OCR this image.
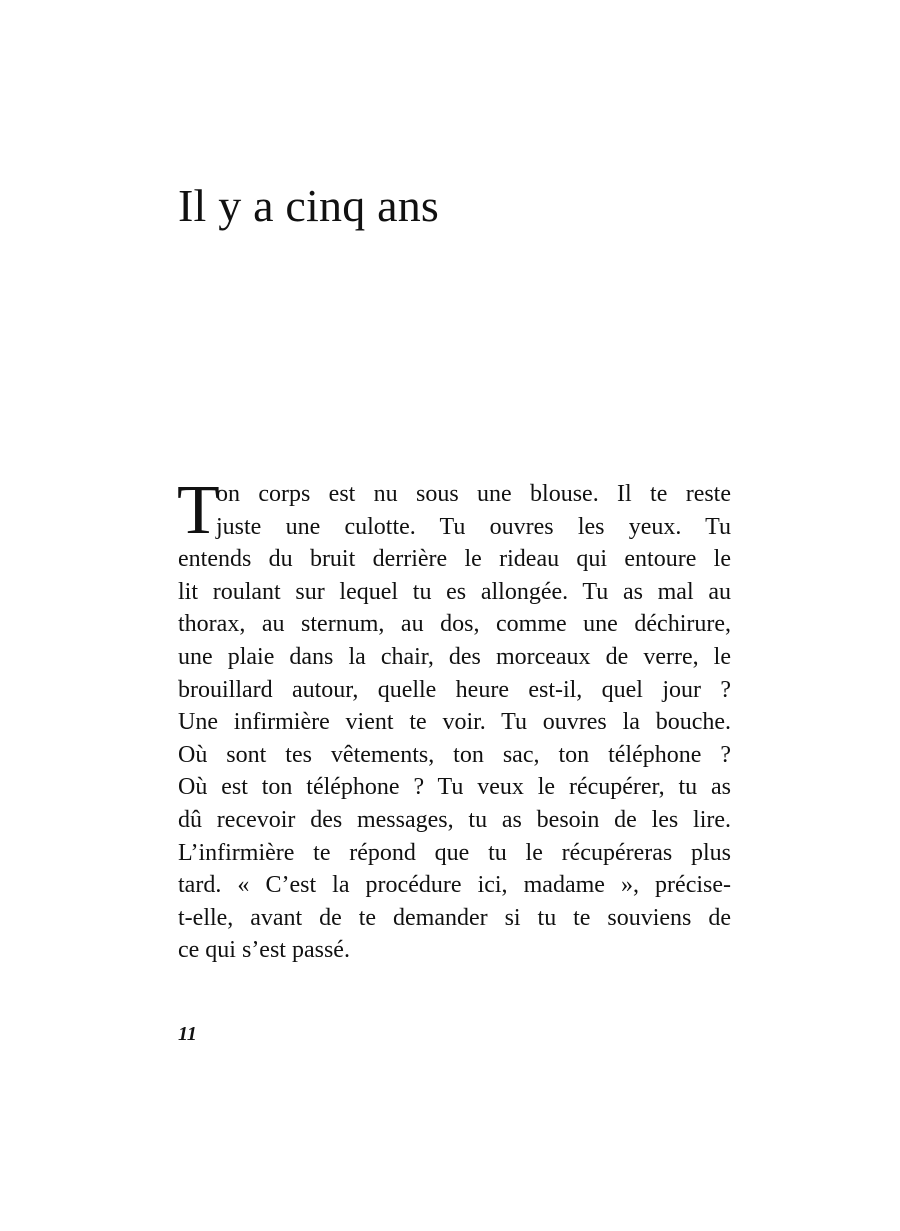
Il y a cinq ans
T
on corps est nu sous une blouse. Il te reste
juste une culotte. Tu ouvres les yeux. Tu
entends du bruit derrière le rideau qui entoure le
lit roulant sur lequel tu es allongée. Tu as mal au
thorax, au sternum, au dos, comme une déchirure,
une plaie dans la chair, des morceaux de verre, le
brouillard autour, quelle heure est-il, quel jour ?
Une infirmière vient te voir. Tu ouvres la bouche.
Où sont tes vêtements, ton sac, ton téléphone ?
Où est ton téléphone ? Tu veux le récupérer, tu as
dû recevoir des messages, tu as besoin de les lire.
L’infirmière te répond que tu le récupéreras plus
tard. « C’est la procédure ici, madame », précise-
t-elle, avant de te demander si tu te souviens de
ce qui s’est passé.
11
